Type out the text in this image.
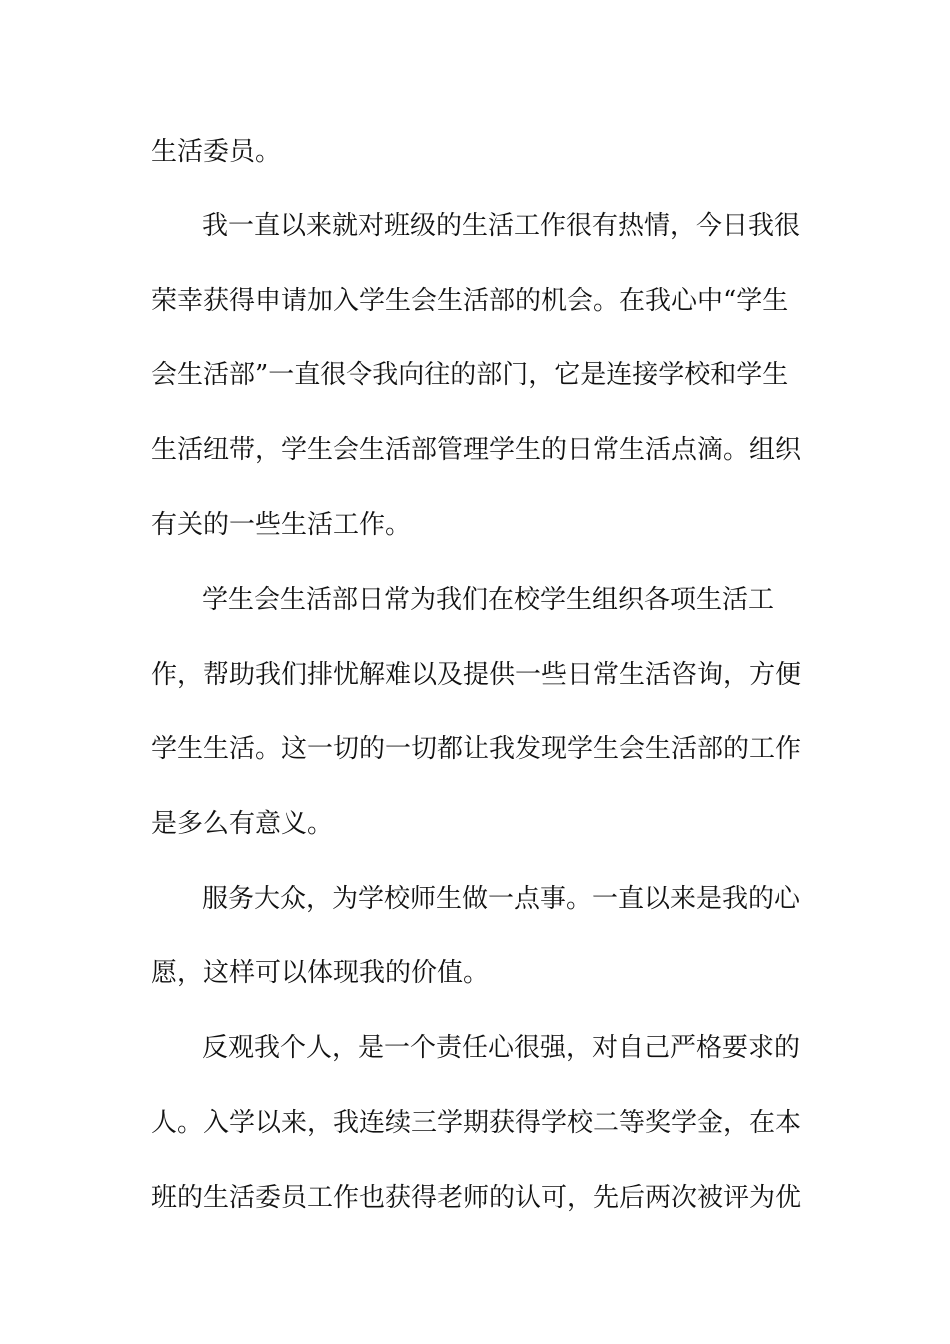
生活委员。
我一直以来就对班级的生活工作很有热情，今日我很
荣幸获得申请加入学生会生活部的机会。在我心中“学生
会生活部”一直很令我向往的部门，它是连接学校和学生
生活纽带，学生会生活部管理学生的日常生活点滴。组织
有关的一些生活工作。
学生会生活部日常为我们在校学生组织各项生活工
作，帮助我们排忧解难以及提供一些日常生活咨询，方便
学生生活。这一切的一切都让我发现学生会生活部的工作
是多么有意义。
服务大众，为学校师生做一点事。一直以来是我的心
愿，这样可以体现我的价值。
反观我个人，是一个责任心很强，对自己严格要求的
人。入学以来，我连续三学期获得学校二等奖学金，在本
班的生活委员工作也获得老师的认可，先后两次被评为优
